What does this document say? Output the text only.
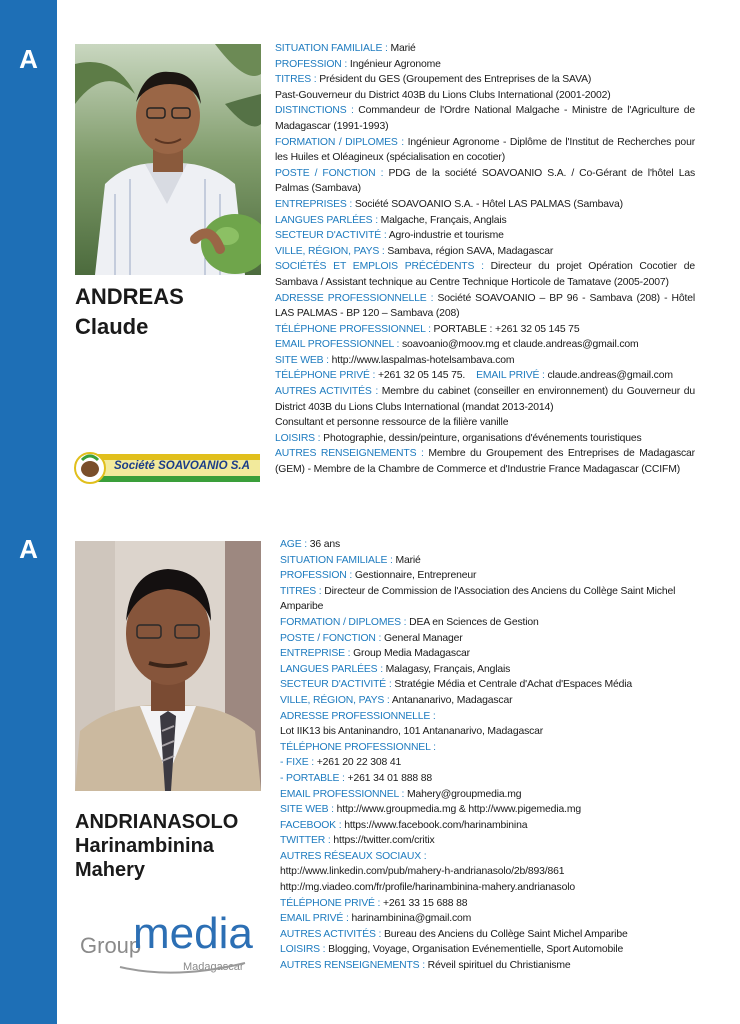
A
A
ANDREAS
Claude
Société SOAVOANIO S.A
SITUATION FAMILIALE : Marié
PROFESSION : Ingénieur Agronome
TITRES : Président du GES (Groupement des Entreprises de la SAVA)
Past-Gouverneur du District 403B du Lions Clubs International (2001-2002)
DISTINCTIONS : Commandeur de l'Ordre National Malgache - Ministre de l'Agriculture de Madagascar (1991-1993)
FORMATION / DIPLOMES : Ingénieur Agronome - Diplôme de l'Institut de Recherches pour les Huiles et Oléagineux (spécialisation en cocotier)
POSTE / FONCTION : PDG de la société SOAVOANIO S.A. / Co-Gérant de l'hôtel Las Palmas (Sambava)
ENTREPRISES : Société SOAVOANIO S.A. - Hôtel LAS PALMAS (Sambava)
LANGUES PARLÉES : Malgache, Français, Anglais
SECTEUR D'ACTIVITÉ : Agro-industrie et tourisme
VILLE, RÉGION, PAYS : Sambava, région SAVA, Madagascar
SOCIÉTÉS ET EMPLOIS PRÉCÉDENTS : Directeur du projet Opération Cocotier de Sambava / Assistant technique au Centre Technique Horticole de Tamatave (2005-2007)
ADRESSE PROFESSIONNELLE : Société SOAVOANIO – BP 96 - Sambava (208) - Hôtel LAS PALMAS - BP 120 – Sambava (208)
TÉLÉPHONE PROFESSIONNEL : PORTABLE : +261 32 05 145 75
EMAIL PROFESSIONNEL : soavoanio@moov.mg et claude.andreas@gmail.com
SITE WEB : http://www.laspalmas-hotelsambava.com
TÉLÉPHONE PRIVÉ : +261 32 05 145 75.    EMAIL PRIVÉ : claude.andreas@gmail.com
AUTRES ACTIVITÉS : Membre du cabinet (conseiller en environnement) du Gouverneur du District 403B du Lions Clubs International (mandat 2013-2014)
Consultant et personne ressource de la filière vanille
LOISIRS : Photographie, dessin/peinture, organisations d'événements touristiques
AUTRES RENSEIGNEMENTS : Membre du Groupement des Entreprises de Madagascar (GEM) - Membre de la Chambre de Commerce et d'Industrie France Madagascar (CCIFM)
ANDRIANASOLO
Harinambinina
Mahery
Group
media
Madagascar
AGE : 36 ans
SITUATION FAMILIALE : Marié
PROFESSION : Gestionnaire, Entrepreneur
TITRES : Directeur de Commission de l'Association des Anciens du Collège Saint Michel Amparibe
FORMATION / DIPLOMES : DEA en Sciences de Gestion
POSTE / FONCTION : General Manager
ENTREPRISE : Group Media Madagascar
LANGUES PARLÉES : Malagasy, Français, Anglais
SECTEUR D'ACTIVITÉ : Stratégie Média et Centrale d'Achat d'Espaces Média
VILLE, RÉGION, PAYS : Antananarivo, Madagascar
ADRESSE PROFESSIONNELLE :
Lot IIK13 bis Antaninandro, 101 Antananarivo, Madagascar
TÉLÉPHONE PROFESSIONNEL :
- FIXE : +261 20 22 308 41
- PORTABLE : +261 34 01 888 88
EMAIL PROFESSIONNEL : Mahery@groupmedia.mg
SITE WEB : http://www.groupmedia.mg & http://www.pigemedia.mg
FACEBOOK : https://www.facebook.com/harinambinina
TWITTER : https://twitter.com/critix
AUTRES RÉSEAUX SOCIAUX :
http://www.linkedin.com/pub/mahery-h-andrianasolo/2b/893/861
http://mg.viadeo.com/fr/profile/harinambinina-mahery.andrianasolo
TÉLÉPHONE PRIVÉ : +261 33 15 688 88
EMAIL PRIVÉ : harinambinina@gmail.com
AUTRES ACTIVITÉS : Bureau des Anciens du Collège Saint Michel Amparibe
LOISIRS : Blogging, Voyage, Organisation Evénementielle, Sport Automobile
AUTRES RENSEIGNEMENTS : Réveil spirituel du Christianisme
